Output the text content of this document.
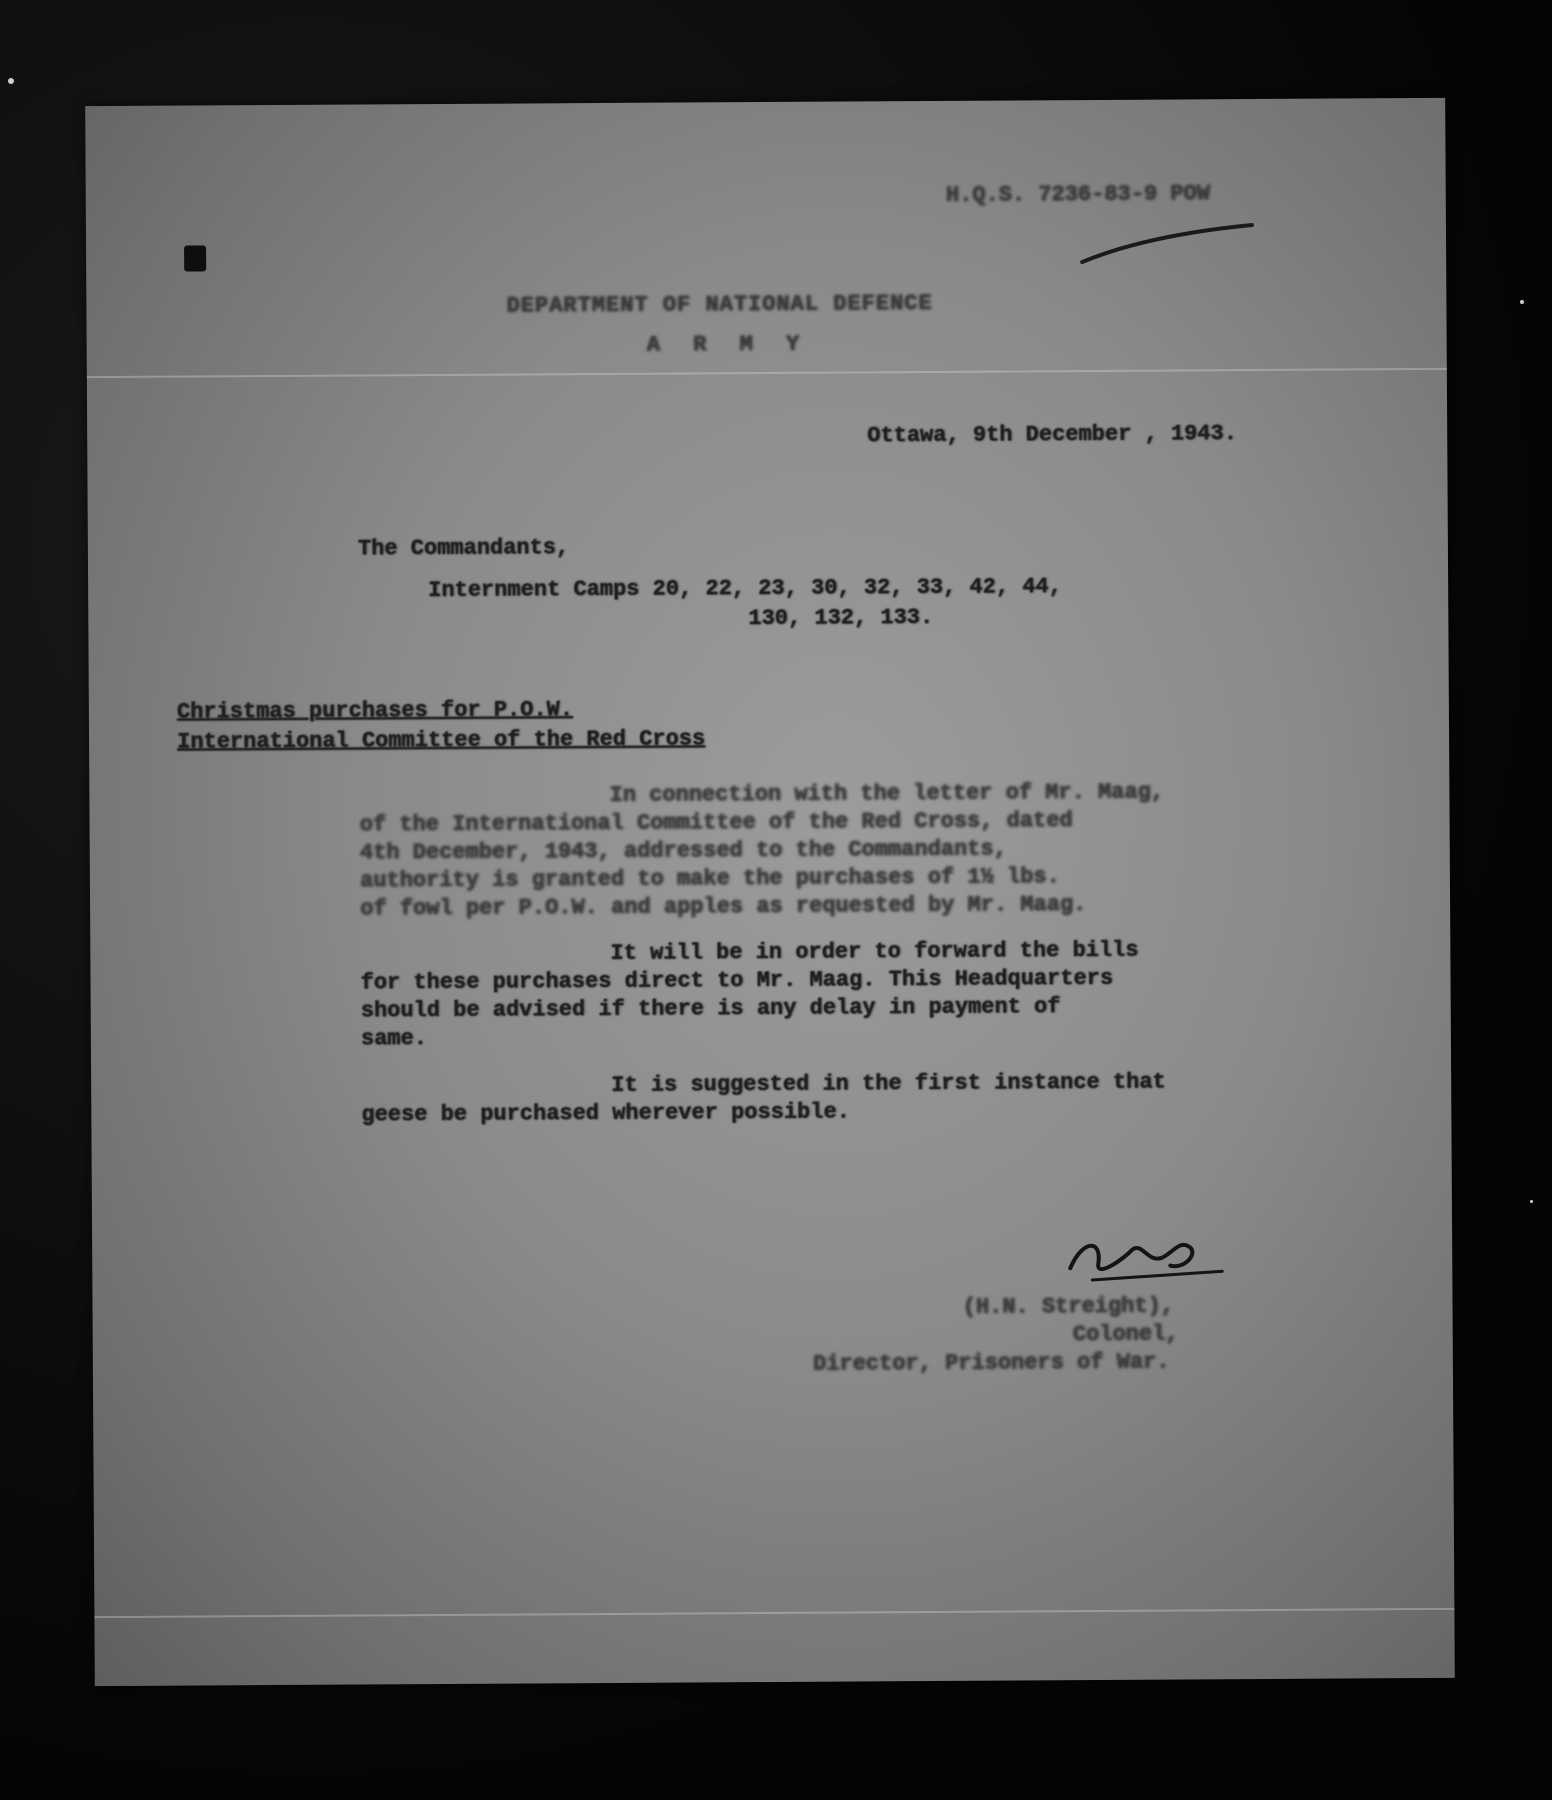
H.Q.S. 7236-83-9 POW
DEPARTMENT OF NATIONAL DEFENCE
A R M Y
Ottawa, 9th December , 1943.
The Commandants,
Internment Camps 20, 22, 23, 30, 32, 33, 42, 44,
130, 132, 133.
Christmas purchases for P.O.W.
International Committee of the Red Cross
In connection with the letter of Mr. Maag,
of the International Committee of the Red Cross, dated
4th December, 1943, addressed to the Commandants,
authority is granted to make the purchases of 1½ lbs.
of fowl per P.O.W. and apples as requested by Mr. Maag.
It will be in order to forward the bills
for these purchases direct to Mr. Maag. This Headquarters
should be advised if there is any delay in payment of
same.
It is suggested in the first instance that
geese be purchased wherever possible.
(H.N. Streight),
Colonel,
Director, Prisoners of War.
